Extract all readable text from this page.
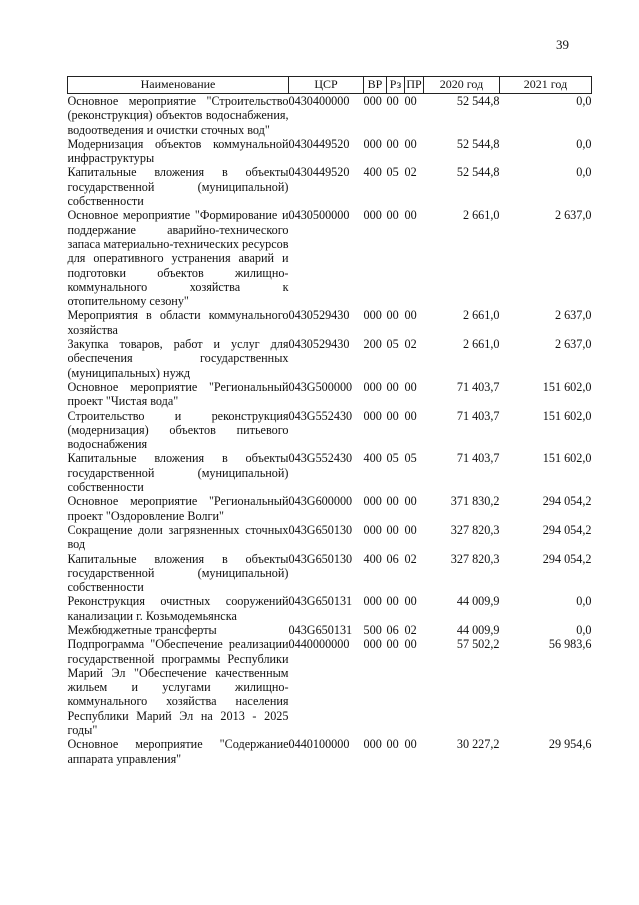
39
Наименование	ЦСР	ВР	Рз	ПР	2020 год	2021 год
Основное мероприятие "Строительство (реконструкция) объектов водоснабжения, водоотведения и очистки сточных вод"	0430400000	000	00	00	52 544,8	0,0
Модернизация объектов коммунальной инфраструктуры	0430449520	000	00	00	52 544,8	0,0
Капитальные вложения в объекты государственной (муниципальной) собственности	0430449520	400	05	02	52 544,8	0,0
Основное мероприятие "Формирование и поддержание аварийно-технического запаса материально-технических ресурсов для оперативного устранения аварий и подготовки объектов жилищно-коммунального хозяйства к отопительному сезону"	0430500000	000	00	00	2 661,0	2 637,0
Мероприятия в области коммунального хозяйства	0430529430	000	00	00	2 661,0	2 637,0
Закупка товаров, работ и услуг для обеспечения государственных (муниципальных) нужд	0430529430	200	05	02	2 661,0	2 637,0
Основное мероприятие "Региональный проект "Чистая вода"	043G500000	000	00	00	71 403,7	151 602,0
Строительство и реконструкция (модернизация) объектов питьевого водоснабжения	043G552430	000	00	00	71 403,7	151 602,0
Капитальные вложения в объекты государственной (муниципальной) собственности	043G552430	400	05	05	71 403,7	151 602,0
Основное мероприятие "Региональный проект "Оздоровление Волги"	043G600000	000	00	00	371 830,2	294 054,2
Сокращение доли загрязненных сточных вод	043G650130	000	00	00	327 820,3	294 054,2
Капитальные вложения в объекты государственной (муниципальной) собственности	043G650130	400	06	02	327 820,3	294 054,2
Реконструкция очистных сооружений канализации г. Козьмодемьянска	043G650131	000	00	00	44 009,9	0,0
Межбюджетные трансферты	043G650131	500	06	02	44 009,9	0,0
Подпрограмма "Обеспечение реализации государственной программы Республики Марий Эл "Обеспечение качественным жильем и услугами жилищно-коммунального хозяйства населения Республики Марий Эл на 2013 - 2025 годы"	0440000000	000	00	00	57 502,2	56 983,6
Основное мероприятие "Содержание аппарата управления"	0440100000	000	00	00	30 227,2	29 954,6
